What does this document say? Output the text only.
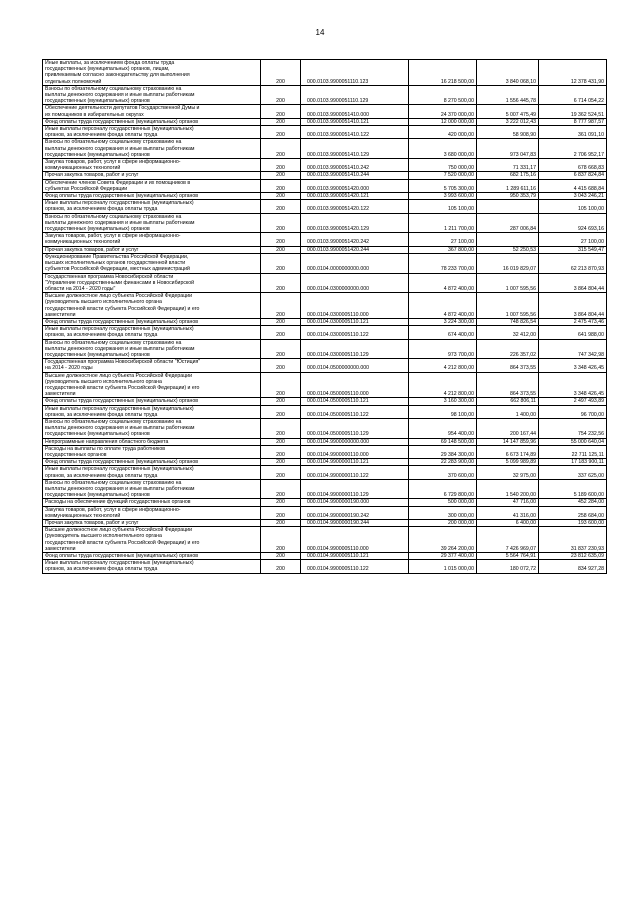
14
Иные выплаты, за исключением фонда оплаты труда
государственных (муниципальных) органов, лицам,
привлекаемым согласно законодательству для выполнения
отдельных полномочий	200	000.0103.9900051110.123	16 218 500,00	3 840 068,10	12 378 431,90
Взносы по обязательному социальному страхованию на
выплаты денежного содержания и иные выплаты работникам
государственных (муниципальных) органов	200	000.0103.9900051110.129	8 270 500,00	1 556 445,78	6 714 054,22
Обеспечение деятельности депутатов Государственной Думы и
их помощников в избирательных округах	200	000.0103.9900051410.000	24 370 000,00	5 007 475,49	19 362 524,51
Фонд оплаты труда государственных (муниципальных) органов	200	000.0103.9900051410.121	12 000 000,00	3 222 012,43	8 777 987,57
Иные выплаты персоналу государственных (муниципальных)
органов, за исключением фонда оплаты труда	200	000.0103.9900051410.122	420 000,00	58 908,90	361 091,10
Взносы по обязательному социальному страхованию на
выплаты денежного содержания и иные выплаты работникам
государственных (муниципальных) органов	200	000.0103.9900051410.129	3 680 000,00	973 047,83	2 706 952,17
Закупка товаров, работ, услуг в сфере информационно-
коммуникационных технологий	200	000.0103.9900051410.242	750 000,00	71 331,17	678 668,83
Прочая закупка товаров, работ и услуг	200	000.0103.9900051410.244	7 520 000,00	682 175,16	6 837 824,84
Обеспечение членов Совета Федерации и их помощников в
субъектах Российской Федерации	200	000.0103.9900051420.000	5 705 300,00	1 289 611,16	4 415 688,84
Фонд оплаты труда государственных (муниципальных) органов	200	000.0103.9900051420.121	3 993 600,00	950 353,79	3 043 246,21
Иные выплаты персоналу государственных (муниципальных)
органов, за исключением фонда оплаты труда	200	000.0103.9900051420.122	105 100,00		105 100,00
Взносы по обязательному социальному страхованию на
выплаты денежного содержания и иные выплаты работникам
государственных (муниципальных) органов	200	000.0103.9900051420.129	1 211 700,00	287 006,84	924 693,16
Закупка товаров, работ, услуг в сфере информационно-
коммуникационных технологий	200	000.0103.9900051420.242	27 100,00		27 100,00
Прочая закупка товаров, работ и услуг	200	000.0103.9900051420.244	367 800,00	52 250,53	315 549,47
Функционирование Правительства Российской Федерации,
высших исполнительных органов государственной власти
субъектов Российской Федерации, местных администраций	200	000.0104.0000000000.000	78 233 700,00	16 019 829,07	62 213 870,93
Государственная программа Новосибирской области
"Управление государственными финансами в Новосибирской
области на 2014 - 2020 годы"	200	000.0104.0300000000.000	4 872 400,00	1 007 595,56	3 864 804,44
Высшее должностное лицо субъекта Российской Федерации
(руководитель высшего исполнительного органа
государственной власти субъекта Российской Федерации) и его
заместители	200	000.0104.0300005110.000	4 872 400,00	1 007 595,56	3 864 804,44
Фонд оплаты труда государственных (муниципальных) органов	200	000.0104.0300005110.121	3 224 300,00	748 826,54	2 475 473,46
Иные выплаты персоналу государственных (муниципальных)
органов, за исключением фонда оплаты труда	200	000.0104.0300005110.122	674 400,00	32 412,00	641 988,00
Взносы по обязательному социальному страхованию на
выплаты денежного содержания и иные выплаты работникам
государственных (муниципальных) органов	200	000.0104.0300005110.129	973 700,00	226 357,02	747 342,98
Государственная программа Новосибирской области "Юстиция"
на 2014 - 2020 годы	200	000.0104.0500000000.000	4 212 800,00	864 373,55	3 348 426,45
Высшее должностное лицо субъекта Российской Федерации
(руководитель высшего исполнительного органа
государственной власти субъекта Российской Федерации) и его
заместители	200	000.0104.0500005110.000	4 212 800,00	864 373,55	3 348 426,45
Фонд оплаты труда государственных (муниципальных) органов	200	000.0104.0500005110.121	3 160 300,00	662 806,11	2 497 493,89
Иные выплаты персоналу государственных (муниципальных)
органов, за исключением фонда оплаты труда	200	000.0104.0500005110.122	98 100,00	1 400,00	96 700,00
Взносы по обязательному социальному страхованию на
выплаты денежного содержания и иные выплаты работникам
государственных (муниципальных) органов	200	000.0104.0500005110.129	954 400,00	200 167,44	754 232,56
Непрограммные направления областного бюджета	200	000.0104.9900000000.000	69 148 500,00	14 147 859,96	55 000 640,04
Расходы на выплаты по оплате труда работников
государственных органов	200	000.0104.9900000110.000	29 384 300,00	6 673 174,89	22 711 125,11
Фонд оплаты труда государственных (муниципальных) органов	200	000.0104.9900000110.121	22 283 900,00	5 099 989,89	17 183 900,11
Иные выплаты персоналу государственных (муниципальных)
органов, за исключением фонда оплаты труда	200	000.0104.9900000110.122	370 600,00	32 975,00	337 625,00
Взносы по обязательному социальному страхованию на
выплаты денежного содержания и иные выплаты работникам
государственных (муниципальных) органов	200	000.0104.9900000110.129	6 729 800,00	1 540 200,00	5 189 600,00
Расходы на обеспечение функций государственных органов	200	000.0104.9900000190.000	500 000,00	47 716,00	452 284,00
Закупка товаров, работ, услуг в сфере информационно-
коммуникационных технологий	200	000.0104.9900000190.242	300 000,00	41 316,00	258 684,00
Прочая закупка товаров, работ и услуг	200	000.0104.9900000190.244	200 000,00	6 400,00	193 600,00
Высшее должностное лицо субъекта Российской Федерации
(руководитель высшего исполнительного органа
государственной власти субъекта Российской Федерации) и его
заместители	200	000.0104.9900005110.000	39 264 200,00	7 426 969,07	31 837 230,93
Фонд оплаты труда государственных (муниципальных) органов	200	000.0104.9900005110.121	29 377 400,00	5 564 764,91	23 812 635,09
Иные выплаты персоналу государственных (муниципальных)
органов, за исключением фонда оплаты труда	200	000.0104.9900005110.122	1 015 000,00	180 072,72	834 927,28
